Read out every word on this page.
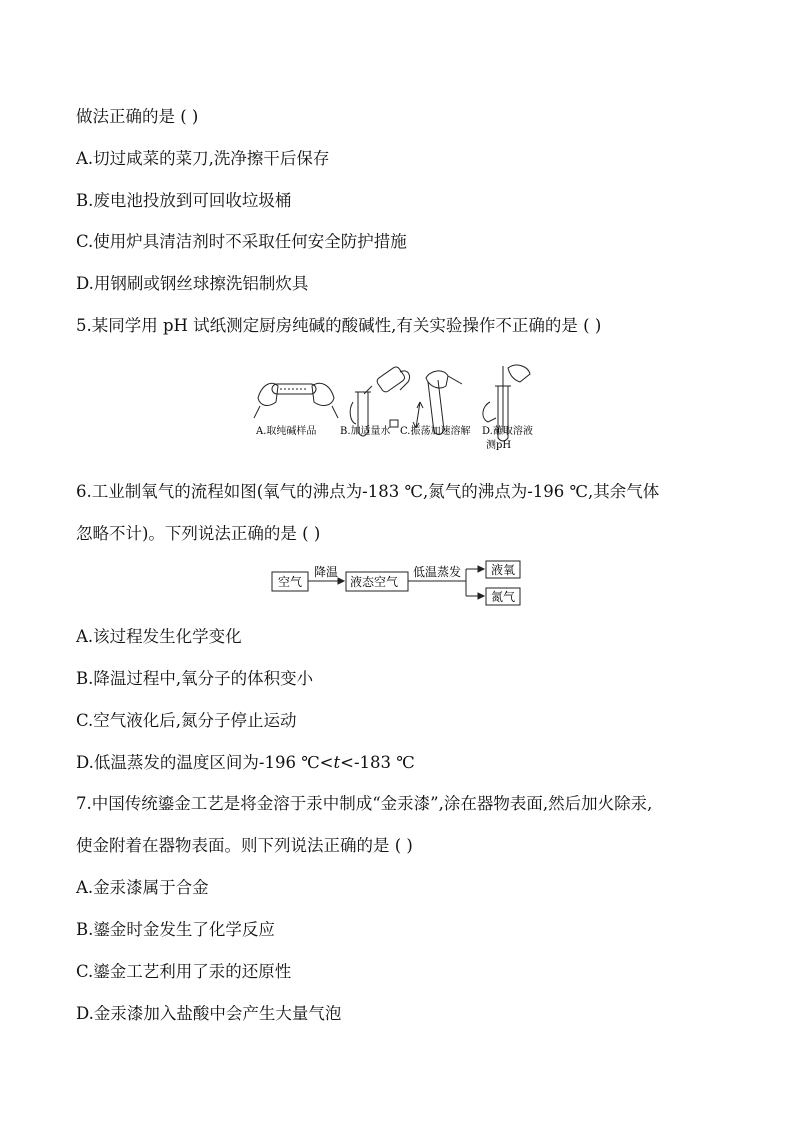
做法正确的是 ( )
A.切过咸菜的菜刀,洗净擦干后保存
B.废电池投放到可回收垃圾桶
C.使用炉具清洁剂时不采取任何安全防护措施
D.用钢刷或钢丝球擦洗铝制炊具
5.某同学用 pH 试纸测定厨房纯碱的酸碱性,有关实验操作不正确的是 ( )
A.取纯碱样品 B.加适量水 C.振荡加速溶解 D.蘸取溶液
测pH
6.工业制氧气的流程如图(氧气的沸点为-183 ℃,氮气的沸点为-196 ℃,其余气体
忽略不计)。下列说法正确的是 ( )
空气
降温
液态空气
低温蒸发 液氧
氮气
A.该过程发生化学变化
B.降温过程中,氧分子的体积变小
C.空气液化后,氮分子停止运动
D.低温蒸发的温度区间为-196 ℃<t<-183 ℃
7.中国传统鎏金工艺是将金溶于汞中制成“金汞漆”,涂在器物表面,然后加火除汞,
使金附着在器物表面。则下列说法正确的是 ( )
A.金汞漆属于合金
B.鎏金时金发生了化学反应
C.鎏金工艺利用了汞的还原性
D.金汞漆加入盐酸中会产生大量气泡
